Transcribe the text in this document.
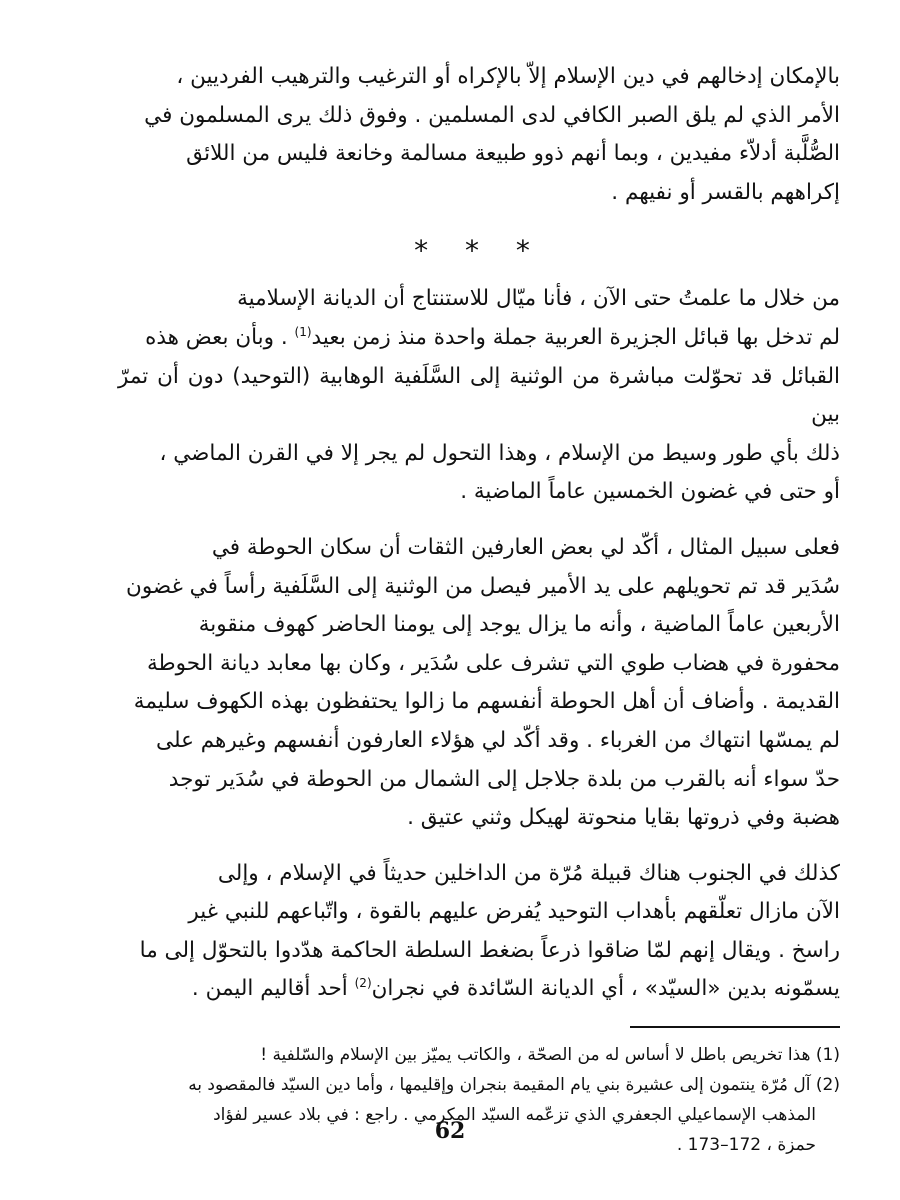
بالإمكان إدخالهم في دين الإسلام إلاّ بالإكراه أو الترغيب والترهيب الفرديين ،
الأمر الذي لم يلق الصبر الكافي لدى المسلمين . وفوق ذلك يرى المسلمون في
الصُّلَّبة أدلاّء مفيدين ، وبما أنهم ذوو طبيعة مسالمة وخانعة فليس من اللائق
إكراههم بالقسر أو نفيهم .
* * *
من خلال ما علمتُ حتى الآن ، فأنا ميّال للاستنتاج أن الديانة الإسلامية
لم تدخل بها قبائل الجزيرة العربية جملة واحدة منذ زمن بعيد$^{(1)}$ . وبأن بعض هذه
القبائل قد تحوّلت مباشرة من الوثنية إلى السَّلَفية الوهابية (التوحيد) دون أن تمرّ بين
ذلك بأي طور وسيط من الإسلام ، وهذا التحول لم يجر إلا في القرن الماضي ،
أو حتى في غضون الخمسين عاماً الماضية .
فعلى سبيل المثال ، أكّد لي بعض العارفين الثقات أن سكان الحوطة في
سُدَير قد تم تحويلهم على يد الأمير فيصل من الوثنية إلى السَّلَفية رأساً في غضون
الأربعين عاماً الماضية ، وأنه ما يزال يوجد إلى يومنا الحاضر كهوف منقوبة
محفورة في هضاب طوي التي تشرف على سُدَير ، وكان بها معابد ديانة الحوطة
القديمة . وأضاف أن أهل الحوطة أنفسهم ما زالوا يحتفظون بهذه الكهوف سليمة
لم يمسّها انتهاك من الغرباء . وقد أكّد لي هؤلاء العارفون أنفسهم وغيرهم على
حدّ سواء أنه بالقرب من بلدة جلاجل إلى الشمال من الحوطة في سُدَير توجد
هضبة وفي ذروتها بقايا منحوتة لهيكل وثني عتيق .
كذلك في الجنوب هناك قبيلة مُرّة من الداخلين حديثاً في الإسلام ، وإلى
الآن مازال تعلّقهم بأهداب التوحيد يُفرض عليهم بالقوة ، واتّباعهم للنبي غير
راسخ . ويقال إنهم لمّا ضاقوا ذرعاً بضغط السلطة الحاكمة هدّدوا بالتحوّل إلى ما
يسمّونه بدين «السيّد» ، أي الديانة السّائدة في نجران$^{(2)}$ أحد أقاليم اليمن .
(1) هذا تخريص باطل لا أساس له من الصحّة ، والكاتب يميّز بين الإسلام والسّلفية !
(2) آل مُرّة ينتمون إلى عشيرة بني يام المقيمة بنجران وإقليمها ، وأما دين السيّد فالمقصود به
المذهب الإسماعيلي الجعفري الذي تزعّمه السيّد المكرمي . راجع : في بلاد عسير لفؤاد
حمزة ، 172–173 .
62
